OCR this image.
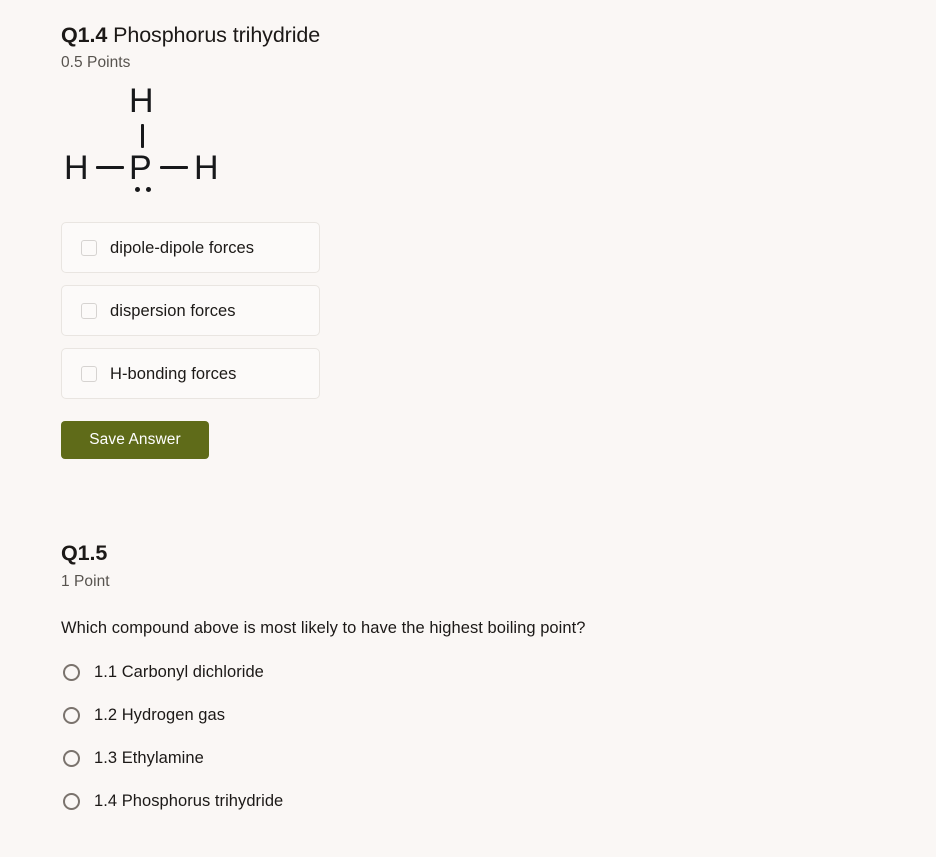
Q1.4 Phosphorus trihydride
0.5 Points
H
H P H
dipole-dipole forces
dispersion forces
H-bonding forces
Save Answer
Q1.5
1 Point
Which compound above is most likely to have the highest boiling point?
1.1 Carbonyl dichloride
1.2 Hydrogen gas
1.3 Ethylamine
1.4 Phosphorus trihydride
